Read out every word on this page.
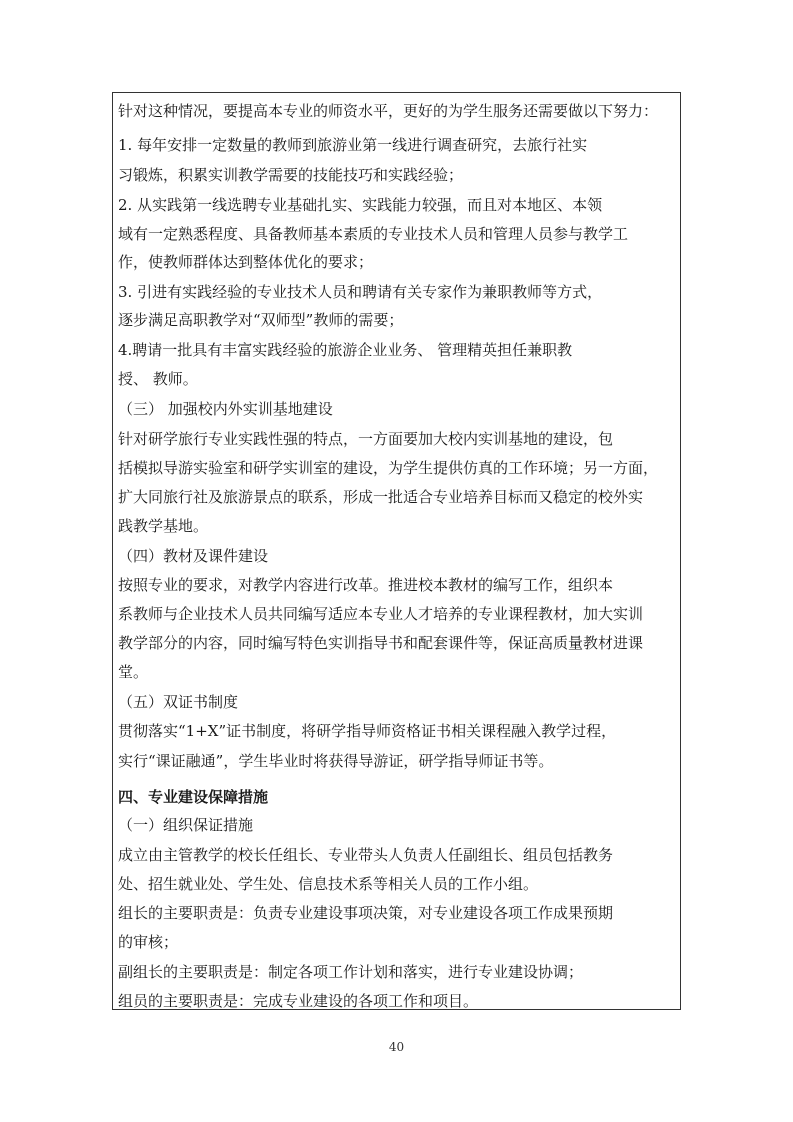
针对这种情况，要提高本专业的师资水平，更好的为学生服务还需要做以下努力：
1. 每年安排一定数量的教师到旅游业第一线进行调查研究，去旅行社实
习锻炼，积累实训教学需要的技能技巧和实践经验；
2. 从实践第一线选聘专业基础扎实、实践能力较强，而且对本地区、本领
域有一定熟悉程度、具备教师基本素质的专业技术人员和管理人员参与教学工
作，使教师群体达到整体优化的要求；
3. 引进有实践经验的专业技术人员和聘请有关专家作为兼职教师等方式，
逐步满足高职教学对“双师型”教师的需要；
4.聘请一批具有丰富实践经验的旅游企业业务、 管理精英担任兼职教
授、 教师。
（三） 加强校内外实训基地建设
针对研学旅行专业实践性强的特点，一方面要加大校内实训基地的建设，包
括模拟导游实验室和研学实训室的建设，为学生提供仿真的工作环境；另一方面，
扩大同旅行社及旅游景点的联系，形成一批适合专业培养目标而又稳定的校外实
践教学基地。
（四）教材及课件建设
按照专业的要求，对教学内容进行改革。推进校本教材的编写工作，组织本
系教师与企业技术人员共同编写适应本专业人才培养的专业课程教材，加大实训
教学部分的内容，同时编写特色实训指导书和配套课件等，保证高质量教材进课
堂。
（五）双证书制度
贯彻落实“1+X”证书制度，将研学指导师资格证书相关课程融入教学过程，
实行“课证融通”，学生毕业时将获得导游证，研学指导师证书等。
四、专业建设保障措施
（一）组织保证措施
成立由主管教学的校长任组长、专业带头人负责人任副组长、组员包括教务
处、招生就业处、学生处、信息技术系等相关人员的工作小组。
组长的主要职责是：负责专业建设事项决策，对专业建设各项工作成果预期
的审核；
副组长的主要职责是：制定各项工作计划和落实，进行专业建设协调；
组员的主要职责是：完成专业建设的各项工作和项目。
40
